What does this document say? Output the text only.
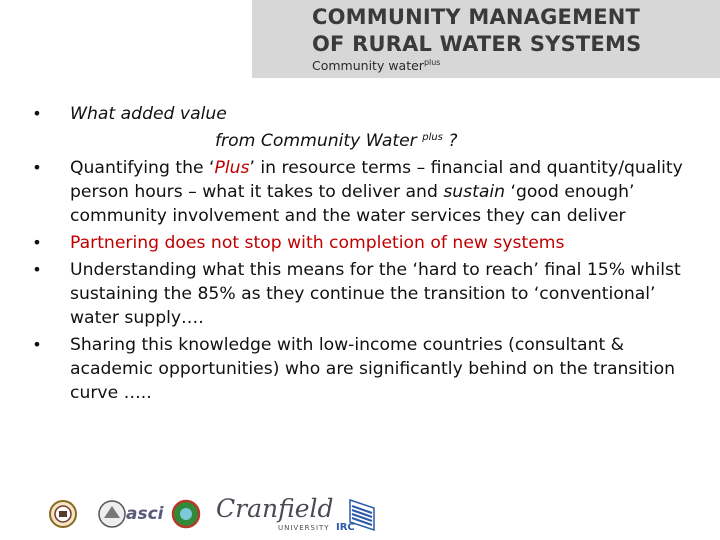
COMMUNITY MANAGEMENT
OF RURAL WATER SYSTEMS
Community water$^{plus}$
• What added value
from Community Water $^{plus}$ ?
• Quantifying the ‘Plus’ in resource terms – financial and quantity/quality person hours – what it takes to deliver and sustain ‘good enough’ community involvement and the water services they can deliver
• Partnering does not stop with completion of new systems
• Understanding what this means for the ‘hard to reach’ final 15% whilst sustaining the 85% as they continue the transition to ‘conventional’ water supply….
• Sharing this knowledge with low-income countries (consultant & academic opportunities) who are significantly behind on the transition curve …..
asci Cranfield
UNIVERSITY IRC
